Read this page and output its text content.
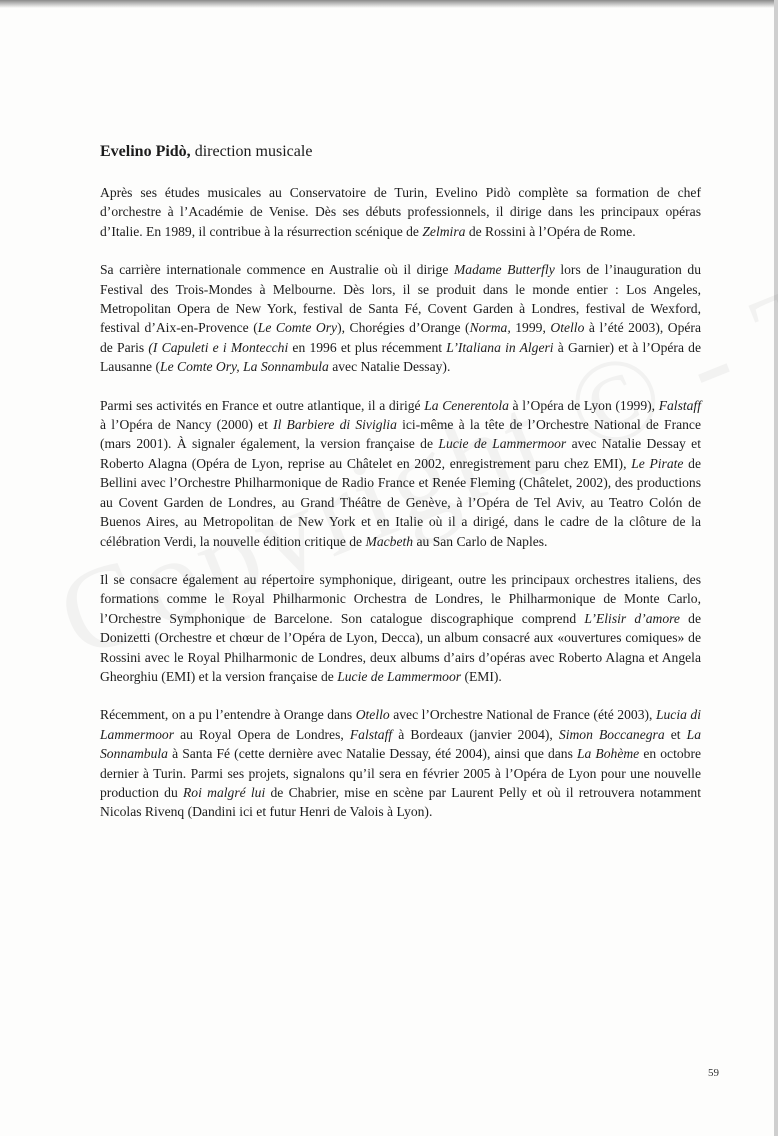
Evelino Pidò, direction musicale

Après ses études musicales au Conservatoire de Turin, Evelino Pidò complète sa formation de chef d’orchestre à l’Académie de Venise. Dès ses débuts professionnels, il dirige dans les principaux opéras d’Italie. En 1989, il contribue à la résurrection scénique de Zelmira de Rossini à l’Opéra de Rome.

Sa carrière internationale commence en Australie où il dirige Madame Butterfly lors de l’inauguration du Festival des Trois-Mondes à Melbourne. Dès lors, il se produit dans le monde entier : Los Angeles, Metropolitan Opera de New York, festival de Santa Fé, Covent Garden à Londres, festival de Wexford, festival d’Aix-en-Provence (Le Comte Ory), Chorégies d’Orange (Norma, 1999, Otello à l’été 2003), Opéra de Paris (I Capuleti e i Montecchi en 1996 et plus récemment L’Italiana in Algeri à Garnier) et à l’Opéra de Lausanne (Le Comte Ory, La Sonnambula avec Natalie Dessay).

Parmi ses activités en France et outre atlantique, il a dirigé La Cenerentola à l’Opéra de Lyon (1999), Falstaff à l’Opéra de Nancy (2000) et Il Barbiere di Siviglia ici-même à la tête de l’Orchestre National de France (mars 2001). À signaler également, la version française de Lucie de Lammermoor avec Natalie Dessay et Roberto Alagna (Opéra de Lyon, reprise au Châtelet en 2002, enregistrement paru chez EMI), Le Pirate de Bellini avec l’Orchestre Philharmonique de Radio France et Renée Fleming (Châtelet, 2002), des productions au Covent Garden de Londres, au Grand Théâtre de Genève, à l’Opéra de Tel Aviv, au Teatro Colón de Buenos Aires, au Metropolitan de New York et en Italie où il a dirigé, dans le cadre de la clôture de la célébration Verdi, la nouvelle édition critique de Macbeth au San Carlo de Naples.

Il se consacre également au répertoire symphonique, dirigeant, outre les principaux orchestres italiens, des formations comme le Royal Philharmonic Orchestra de Londres, le Philharmonique de Monte Carlo, l’Orchestre Symphonique de Barcelone. Son catalogue discographique comprend L’Elisir d’amore de Donizetti (Orchestre et chœur de l’Opéra de Lyon, Decca), un album consacré aux «ouvertures comiques» de Rossini avec le Royal Philharmonic de Londres, deux albums d’airs d’opéras avec Roberto Alagna et Angela Gheorghiu (EMI) et la version française de Lucie de Lammermoor (EMI).

Récemment, on a pu l’entendre à Orange dans Otello avec l’Orchestre National de France (été 2003), Lucia di Lammermoor au Royal Opera de Londres, Falstaff à Bordeaux (janvier 2004), Simon Boccanegra et La Sonnambula à Santa Fé (cette dernière avec Natalie Dessay, été 2004), ainsi que dans La Bohème en octobre dernier à Turin. Parmi ses projets, signalons qu’il sera en février 2005 à l’Opéra de Lyon pour une nouvelle production du Roi malgré lui de Chabrier, mise en scène par Laurent Pelly et où il retrouvera notamment Nicolas Rivenq (Dandini ici et futur Henri de Valois à Lyon).

59
